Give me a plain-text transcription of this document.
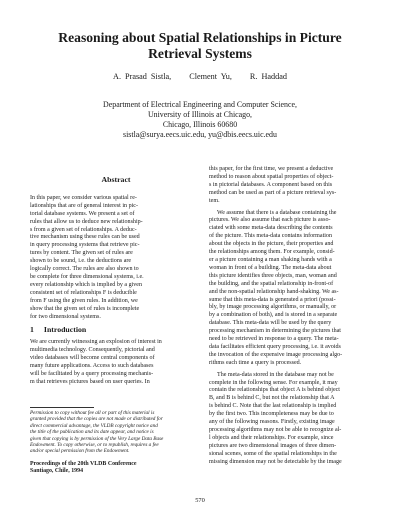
Reasoning about Spatial Relationships in Picture
Retrieval Systems
A. Prasad Sistla, Clement Yu, R. Haddad
Department of Electrical Engineering and Computer Science,
University of Illinois at Chicago,
Chicago, Illinois 60680
sistla@surya.eecs.uic.edu, yu@dbis.eecs.uic.edu
Abstract
In this paper, we consider various spatial re-
lationships that are of general interest in pic-
torial database systems. We present a set of
rules that allow us to deduce new relationship-
s from a given set of relationships. A deduc-
tive mechanism using these rules can be used
in query processing systems that retrieve pic-
tures by content. The given set of rules are
shown to be sound, i.e. the deductions are
logically correct. The rules are also shown to
be complete for three dimensional systems, i.e.
every relationship which is implied by a given
consistent set of relationships F is deducible
from F using the given rules. In addition, we
show that the given set of rules is incomplete
for two dimensional systems.
1 Introduction
We are currently witnessing an explosion of interest in
multimedia technology. Consequently, pictorial and
video databases will become central components of
many future applications. Access to such databases
will be facilitated by a query processing mechanis-
m that retrieves pictures based on user queries. In
Permission to copy without fee all or part of this material is
granted provided that the copies are not made or distributed for
direct commercial advantage, the VLDB copyright notice and
the title of the publication and its date appear, and notice is
given that copying is by permission of the Very Large Data Base
Endowment. To copy otherwise, or to republish, requires a fee
and/or special permission from the Endowment.
Proceedings of the 20th VLDB Conference
Santiago, Chile, 1994
this paper, for the first time, we present a deductive
method to reason about spatial properties of object-
s in pictorial databases. A component based on this
method can be used as part of a picture retrieval sys-
tem.
We assume that there is a database containing the
pictures. We also assume that each picture is asso-
ciated with some meta-data describing the contents
of the picture. This meta-data contains information
about the objects in the picture, their properties and
the relationships among them. For example, consid-
er a picture containing a man shaking hands with a
woman in front of a building. The meta-data about
this picture identifies three objects, man, woman and
the building, and the spatial relationship in-front-of
and the non-spatial relationship hand-shaking. We as-
sume that this meta-data is generated a priori (possi-
bly, by image processing algorithms, or manually, or
by a combination of both), and is stored in a separate
database. This meta-data will be used by the query
processing mechanism in determining the pictures that
need to be retrieved in response to a query. The meta-
data facilitates efficient query processing, i.e. it avoids
the invocation of the expensive image processing algo-
rithms each time a query is processed.
The meta-data stored in the database may not be
complete in the following sense. For example, it may
contain the relationships that object A is behind object
B, and B is behind C, but not the relationship that A
is behind C. Note that the last relationship is implied
by the first two. This incompleteness may be due to
any of the following reasons. Firstly, existing image
processing algorithms may not be able to recognize al-
l objects and their relationships. For example, since
pictures are two dimensional images of three dimen-
sional scenes, some of the spatial relationships in the
missing dimension may not be detectable by the image
570
